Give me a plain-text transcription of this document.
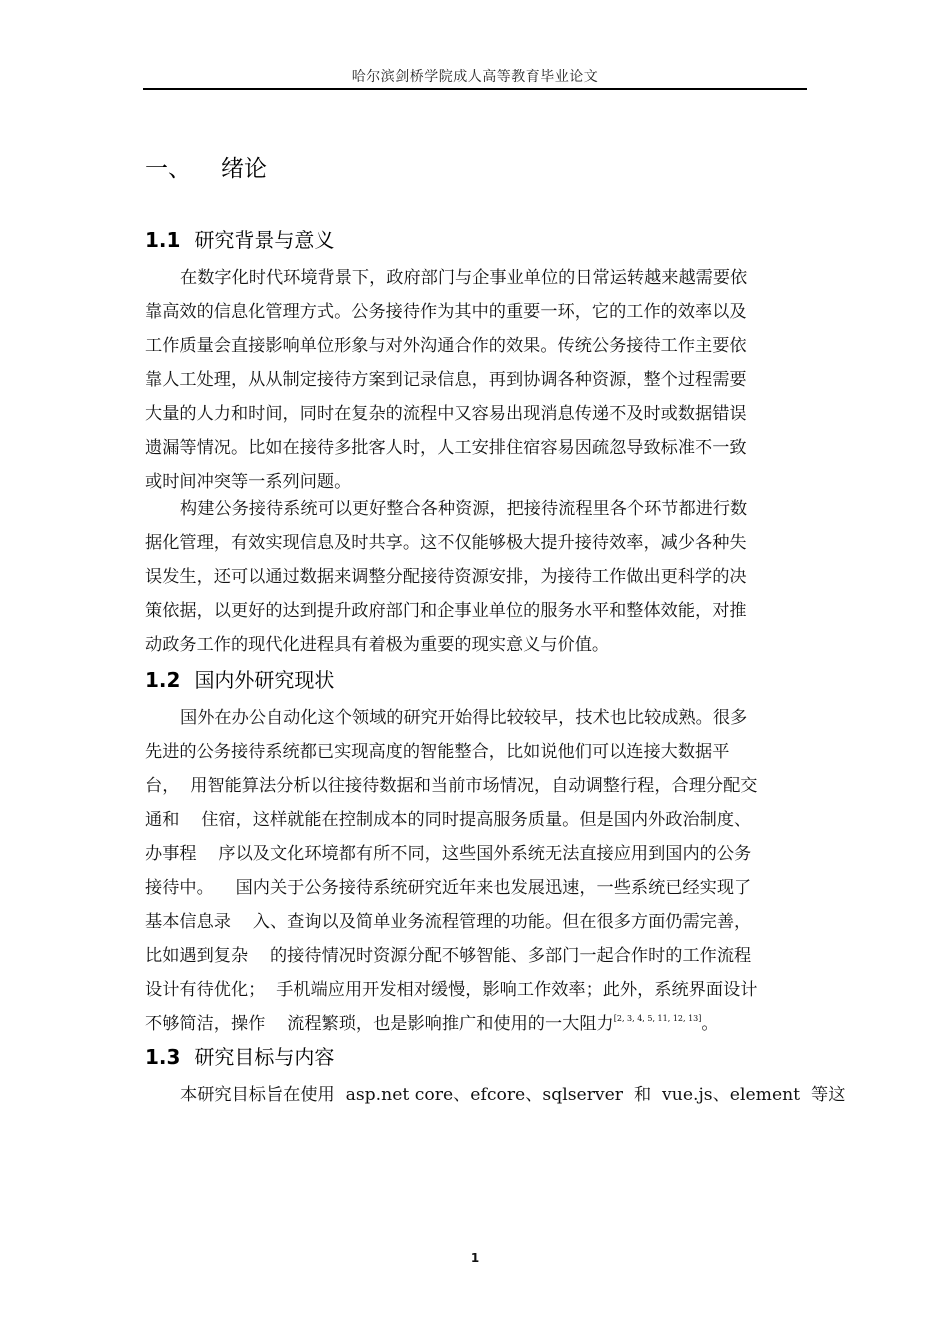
哈尔滨剑桥学院成人高等教育毕业论文
一、 绪论
1.1 研究背景与意义
在数字化时代环境背景下，政府部门与企事业单位的日常运转越来越需要依
靠高效的信息化管理方式。公务接待作为其中的重要一环，它的工作的效率以及
工作质量会直接影响单位形象与对外沟通合作的效果。传统公务接待工作主要依
靠人工处理，从从制定接待方案到记录信息，再到协调各种资源，整个过程需要
大量的人力和时间，同时在复杂的流程中又容易出现消息传递不及时或数据错误
遗漏等情况。比如在接待多批客人时，人工安排住宿容易因疏忽导致标准不一致
或时间冲突等一系列问题。
构建公务接待系统可以更好整合各种资源，把接待流程里各个环节都进行数
据化管理，有效实现信息及时共享。这不仅能够极大提升接待效率，减少各种失
误发生，还可以通过数据来调整分配接待资源安排，为接待工作做出更科学的决
策依据，以更好的达到提升政府部门和企事业单位的服务水平和整体效能，对推
动政务工作的现代化进程具有着极为重要的现实意义与价值。
1.2 国内外研究现状
国外在办公自动化这个领域的研究开始得比较较早，技术也比较成熟。很多
先进的公务接待系统都已实现高度的智能整合，比如说他们可以连接大数据平
台，  用智能算法分析以往接待数据和当前市场情况，自动调整行程，合理分配交
通和    住宿，这样就能在控制成本的同时提高服务质量。但是国内外政治制度、
办事程    序以及文化环境都有所不同，这些国外系统无法直接应用到国内的公务
接待中。    国内关于公务接待系统研究近年来也发展迅速，一些系统已经实现了
基本信息录    入、查询以及简单业务流程管理的功能。但在很多方面仍需完善，
比如遇到复杂    的接待情况时资源分配不够智能、多部门一起合作时的工作流程
设计有待优化；  手机端应用开发相对缓慢，影响工作效率；此外，系统界面设计
不够简洁，操作    流程繁琐，也是影响推广和使用的一大阻力[2, 3, 4, 5, 11, 12, 13]。
1.3 研究目标与内容
本研究目标旨在使用  asp.net core、efcore、sqlserver  和  vue.js、element  等这
1
